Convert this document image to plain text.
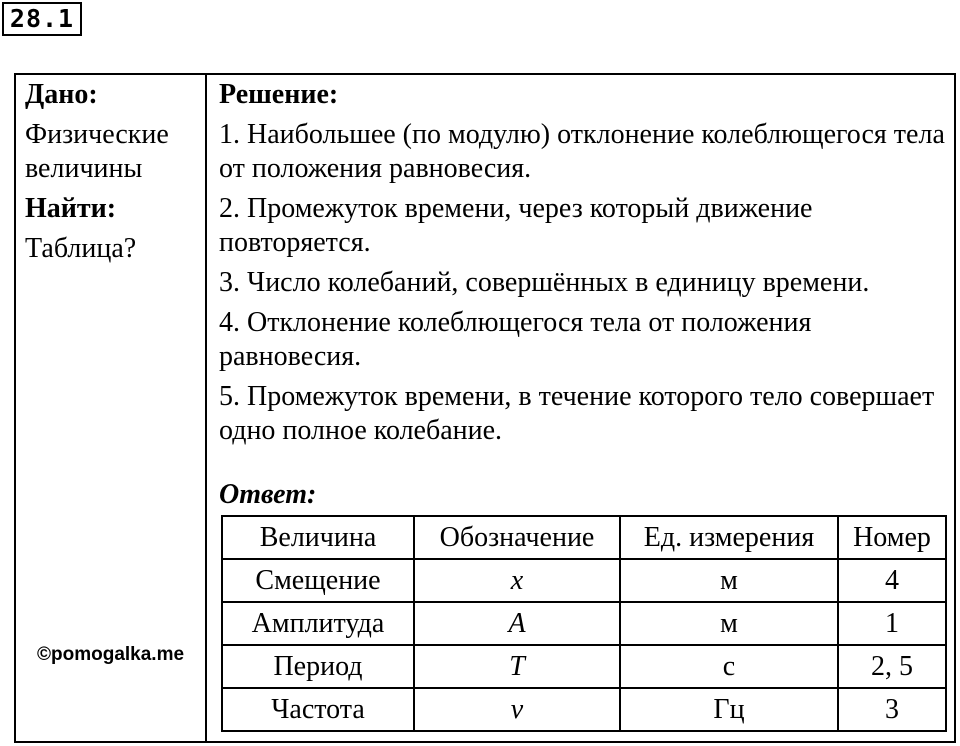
28.1
Дано:
Физические величины
Найти:
Таблица?
Решение:
1. Наибольшее (по модулю) отклонение колеблющегося тела от положения равновесия.
2. Промежуток времени, через который движение повторяется.
3. Число колебаний, совершённых в единицу времени.
4. Отклонение колеблющегося тела от положения равновесия.
5. Промежуток времени, в течение которого тело совершает одно полное колебание.
Ответ:
Величина	Обозначение	Ед. измерения	Номер
Смещение	x	м	4
Амплитуда	A	м	1
Период	T	с	2, 5
Частота	ν	Гц	3
©pomogalka.me
